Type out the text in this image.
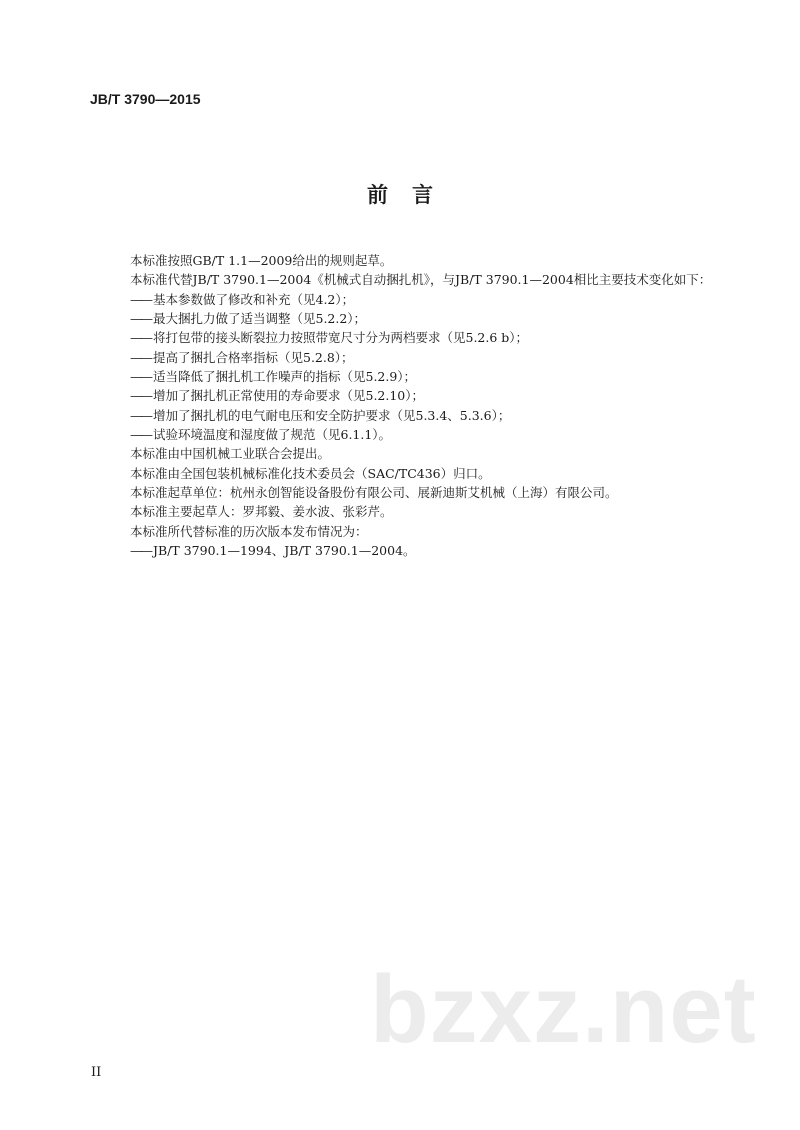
JB/T 3790—2015
前言
本标准按照GB/T 1.1—2009给出的规则起草。
本标准代替JB/T 3790.1—2004《机械式自动捆扎机》，与JB/T 3790.1—2004相比主要技术变化如下：
—— 基本参数做了修改和补充（见4.2）；
—— 最大捆扎力做了适当调整（见5.2.2）；
—— 将打包带的接头断裂拉力按照带宽尺寸分为两档要求（见5.2.6 b）；
—— 提高了捆扎合格率指标（见5.2.8）；
—— 适当降低了捆扎机工作噪声的指标（见5.2.9）；
—— 增加了捆扎机正常使用的寿命要求（见5.2.10）；
—— 增加了捆扎机的电气耐电压和安全防护要求（见5.3.4、5.3.6）；
—— 试验环境温度和湿度做了规范（见6.1.1）。
本标准由中国机械工业联合会提出。
本标准由全国包装机械标准化技术委员会（SAC/TC436）归口。
本标准起草单位：杭州永创智能设备股份有限公司、展新迪斯艾机械（上海）有限公司。
本标准主要起草人：罗邦毅、姜水波、张彩芹。
本标准所代替标准的历次版本发布情况为：
—— JB/T 3790.1—1994、JB/T 3790.1—2004。
II
bzxz.net
